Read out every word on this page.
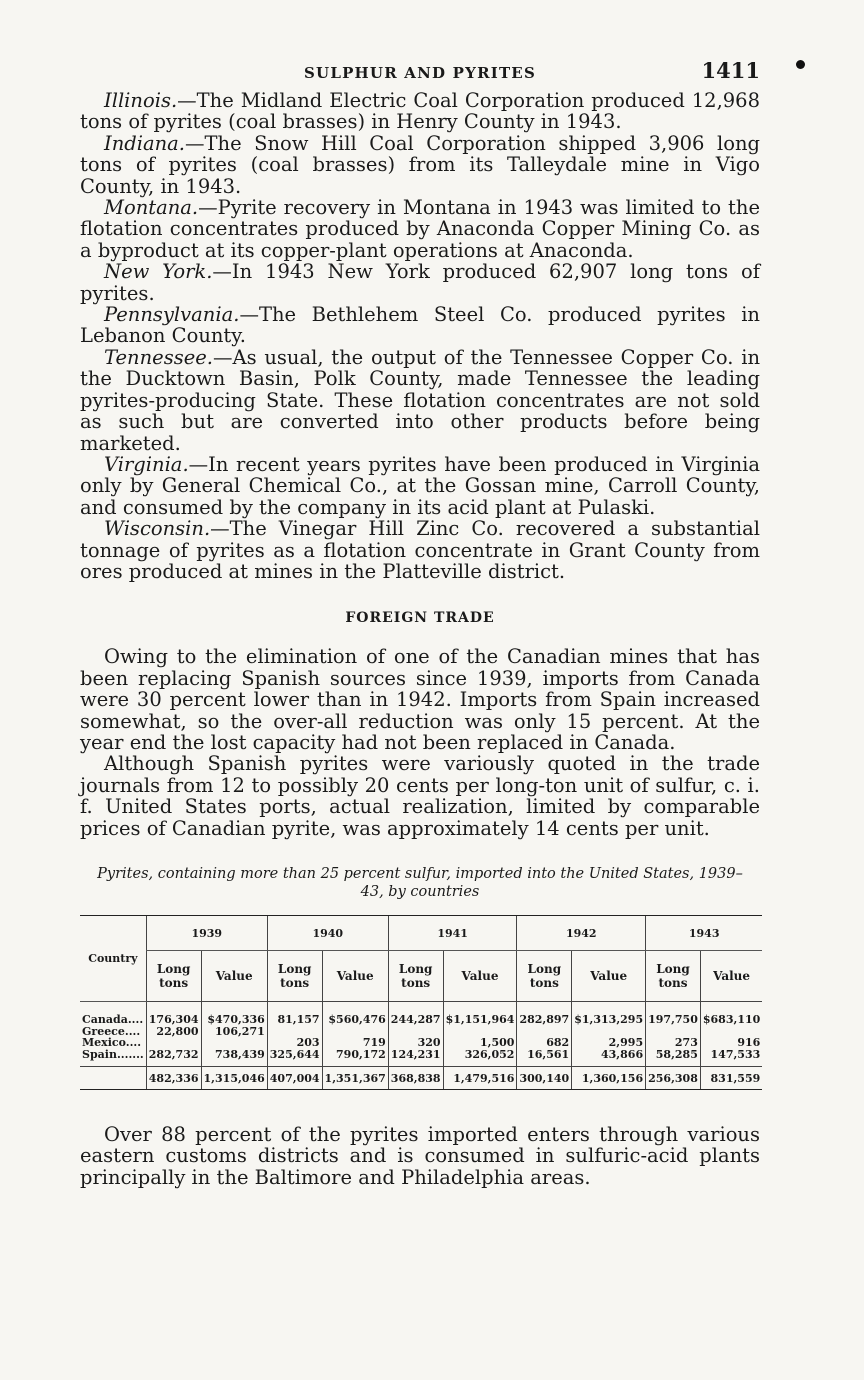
SULPHUR AND PYRITES	1411

Illinois.—The Midland Electric Coal Corporation produced 12,968 tons of pyrites (coal brasses) in Henry County in 1943.

Indiana.—The Snow Hill Coal Corporation shipped 3,906 long tons of pyrites (coal brasses) from its Talleydale mine in Vigo County, in 1943.

Montana.—Pyrite recovery in Montana in 1943 was limited to the flotation concentrates produced by Anaconda Copper Mining Co. as a byproduct at its copper-plant operations at Anaconda.

New York.—In 1943 New York produced 62,907 long tons of pyrites.

Pennsylvania.—The Bethlehem Steel Co. produced pyrites in Lebanon County.

Tennessee.—As usual, the output of the Tennessee Copper Co. in the Ducktown Basin, Polk County, made Tennessee the leading pyrites-producing State. These flotation concentrates are not sold as such but are converted into other products before being marketed.

Virginia.—In recent years pyrites have been produced in Virginia only by General Chemical Co., at the Gossan mine, Carroll County, and consumed by the company in its acid plant at Pulaski.

Wisconsin.—The Vinegar Hill Zinc Co. recovered a substantial tonnage of pyrites as a flotation concentrate in Grant County from ores produced at mines in the Platteville district.

FOREIGN TRADE

Owing to the elimination of one of the Canadian mines that has been replacing Spanish sources since 1939, imports from Canada were 30 percent lower than in 1942. Imports from Spain increased somewhat, so the over-all reduction was only 15 percent. At the year end the lost capacity had not been replaced in Canada.

Although Spanish pyrites were variously quoted in the trade journals from 12 to possibly 20 cents per long-ton unit of sulfur, c. i. f. United States ports, actual realization, limited by comparable prices of Canadian pyrite, was approximately 14 cents per unit.

Pyrites, containing more than 25 percent sulfur, imported into the United States, 1939–43, by countries
Country	1939		1940		1941		1942		1943	
	Long tons	Value	Long tons	Value	Long tons	Value	Long tons	Value	Long tons	Value
Canada....	176,304	$470,336	81,157	$560,476	244,287	$1,151,964	282,897	$1,313,295	197,750	$683,110
Greece....	22,800	106,271								
Mexico....			203	719	320	1,500	682	2,995	273	916
Spain.......	282,732	738,439	325,644	790,172	124,231	326,052	16,561	43,866	58,285	147,533
	482,336	1,315,046	407,004	1,351,367	368,838	1,479,516	300,140	1,360,156	256,308	831,559

Over 88 percent of the pyrites imported enters through various eastern customs districts and is consumed in sulfuric-acid plants principally in the Baltimore and Philadelphia areas.
